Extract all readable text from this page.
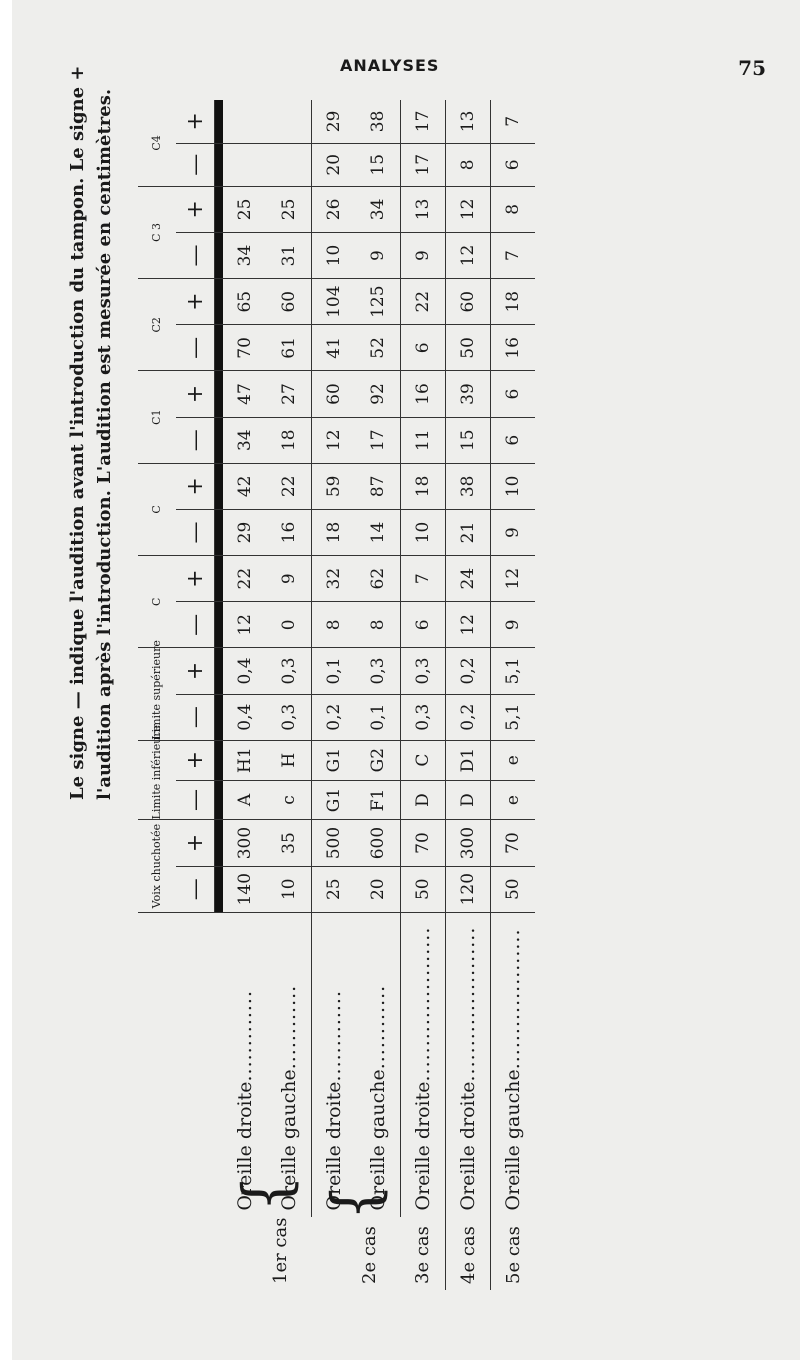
ANALYSES	75
Le signe — indique l'audition avant l'introduction du tampon. Le signe + l'audition après l'introduction. L'audition est mesurée en centimètres.
		Voix chuchotée		Limite inférieure		Limite supérieure		C		C		C1		C2		C 3		C4	
		—	+	—	+	—	+	—	+	—	+	—	+	—	+	—	+	—	+

1er cas {	Oreille droite.............	140	300	A	H1	0,4	0,4	12	22	29	42	34	47	70	65	34	25		
	Oreille gauche............	10	35	c	H	0,3	0,3	0	9	16	22	18	27	61	60	31	25		
2e cas {	Oreille droite.............	25	500	G1	G1	0,2	0,1	8	32	18	59	12	60	41	104	10	26	20	29
	Oreille gauche............	20	600	F1	G2	0,1	0,3	8	62	14	87	17	92	52	125	9	34	15	38
3e cas	Oreille droite......................	50	70	D	C	0,3	0,3	6	7	10	18	11	16	6	22	9	13	17	17
4e cas	Oreille droite......................	120	300	D	D1	0,2	0,2	12	24	21	38	15	39	50	60	12	12	8	13
5e cas	Oreille gauche....................	50	70	e	e	5,1	5,1	9	12	9	10	6	6	16	18	7	8	6	7
